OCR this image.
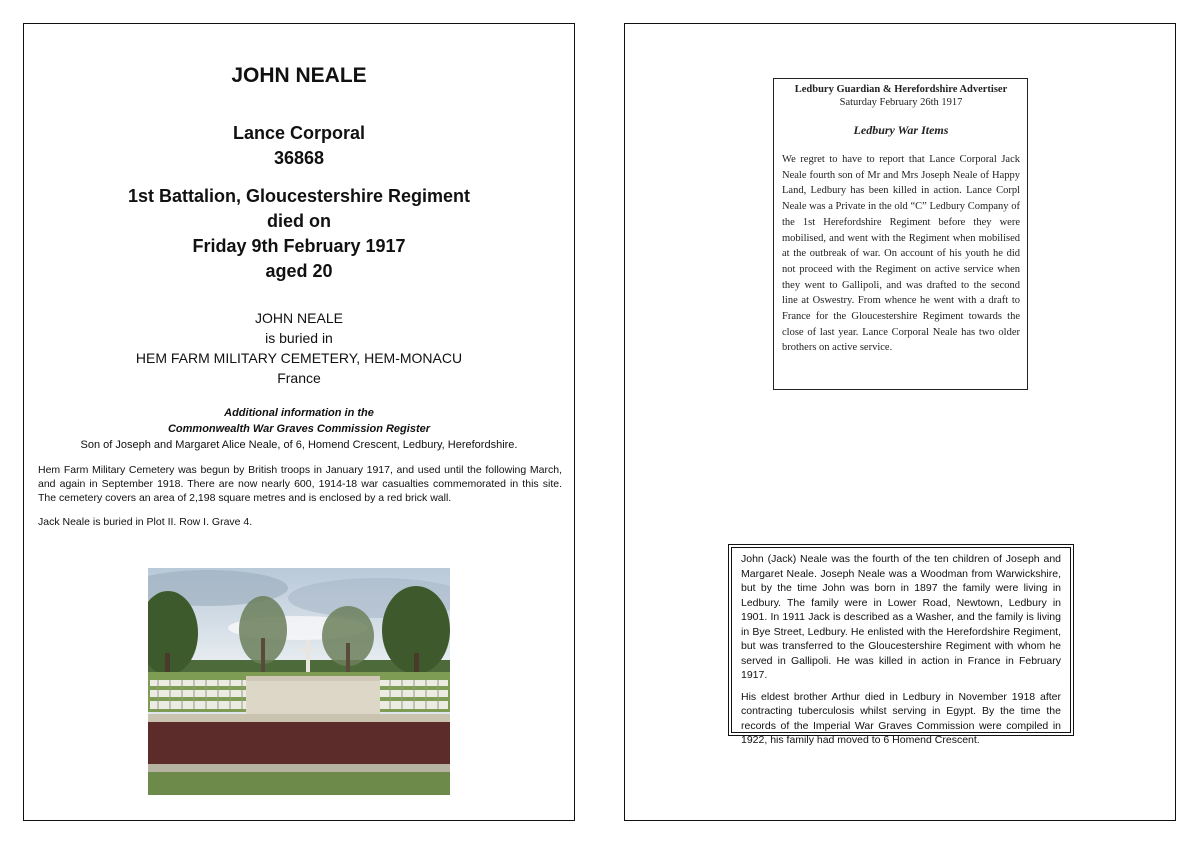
JOHN NEALE
Lance Corporal
36868
1st Battalion, Gloucestershire Regiment
died on
Friday 9th February 1917
aged 20
JOHN NEALE
is buried in
HEM FARM MILITARY CEMETERY, HEM-MONACU
France
Additional information in the
Commonwealth War Graves Commission Register
Son of Joseph and Margaret Alice Neale, of 6, Homend Crescent, Ledbury, Herefordshire.
Hem Farm Military Cemetery was begun by British troops in January 1917, and used until the following March, and again in September 1918. There are now nearly 600, 1914-18 war casualties commemorated in this site. The cemetery covers an area of 2,198 square metres and is enclosed by a red brick wall.
Jack Neale is buried in Plot II. Row I. Grave 4.
Ledbury Guardian & Herefordshire Advertiser
Saturday February 26th 1917
Ledbury War Items
We regret to have to report that Lance Corporal Jack Neale fourth son of Mr and Mrs Joseph Neale of Happy Land, Ledbury has been killed in action. Lance Corpl Neale was a Private in the old “C” Ledbury Company of the 1st Herefordshire Regiment before they were mobilised, and went with the Regiment when mobilised at the outbreak of war. On account of his youth he did not proceed with the Regiment on active service when they went to Gallipoli, and was drafted to the second line at Oswestry. From whence he went with a draft to France for the Gloucestershire Regiment towards the close of last year. Lance Corporal Neale has two older brothers on active service.

John (Jack) Neale was the fourth of the ten children of Joseph and Margaret Neale. Joseph Neale was a Woodman from Warwickshire, but by the time John was born in 1897 the family were living in Ledbury. The family were in Lower Road, Newtown, Ledbury in 1901. In 1911 Jack is described as a Washer, and the family is living in Bye Street, Ledbury. He enlisted with the Herefordshire Regiment, but was transferred to the Gloucestershire Regiment with whom he served in Gallipoli. He was killed in action in France in February 1917.

His eldest brother Arthur died in Ledbury in November 1918 after contracting tuberculosis whilst serving in Egypt. By the time the records of the Imperial War Graves Commission were compiled in 1922, his family had moved to 6 Homend Crescent.
